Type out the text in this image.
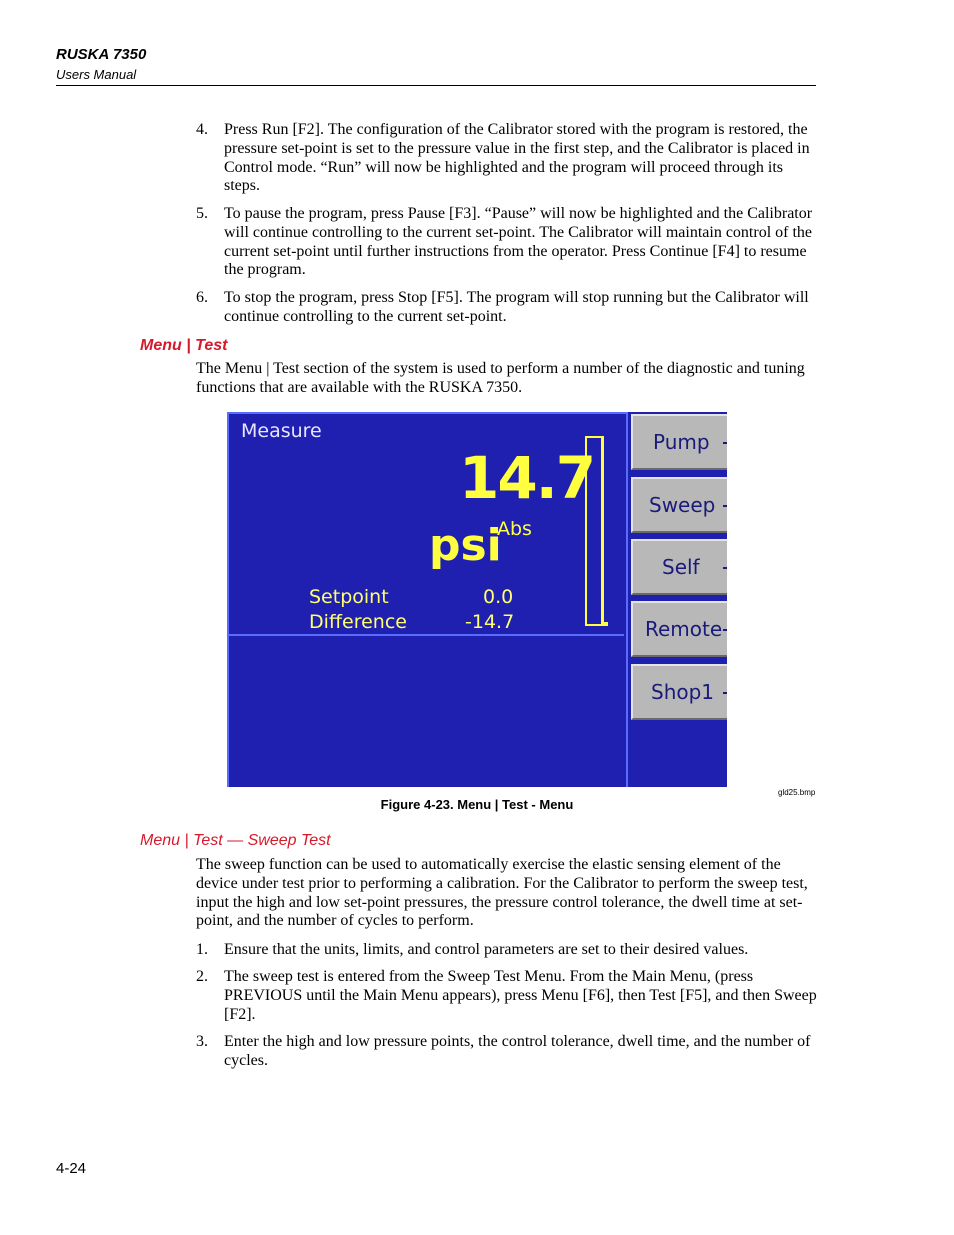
RUSKA 7350
Users Manual
4. Press Run [F2]. The configuration of the Calibrator stored with the program is restored, the pressure set-point is set to the pressure value in the first step, and the Calibrator is placed in Control mode. “Run” will now be highlighted and the program will proceed through its steps.
5. To pause the program, press Pause [F3]. “Pause” will now be highlighted and the Calibrator will continue controlling to the current set-point. The Calibrator will maintain control of the current set-point until further instructions from the operator. Press Continue [F4] to resume the program.
6. To stop the program, press Stop [F5]. The program will stop running but the Calibrator will continue controlling to the current set-point.
Menu | Test
The Menu | Test section of the system is used to perform a number of the diagnostic and tuning functions that are available with the RUSKA 7350.
Measure
14.7
psi
Abs
Setpoint	0.0
Difference	-14.7
Pump
Sweep
Self
Remote
Shop1
gld25.bmp
Figure 4-23. Menu | Test - Menu
Menu | Test — Sweep Test
The sweep function can be used to automatically exercise the elastic sensing element of the device under test prior to performing a calibration. For the Calibrator to perform the sweep test, input the high and low set-point pressures, the pressure control tolerance, the dwell time at set-point, and the number of cycles to perform.
1. Ensure that the units, limits, and control parameters are set to their desired values.
2. The sweep test is entered from the Sweep Test Menu. From the Main Menu, (press PREVIOUS until the Main Menu appears), press Menu [F6], then Test [F5], and then Sweep [F2].
3. Enter the high and low pressure points, the control tolerance, dwell time, and the number of cycles.
4-24
